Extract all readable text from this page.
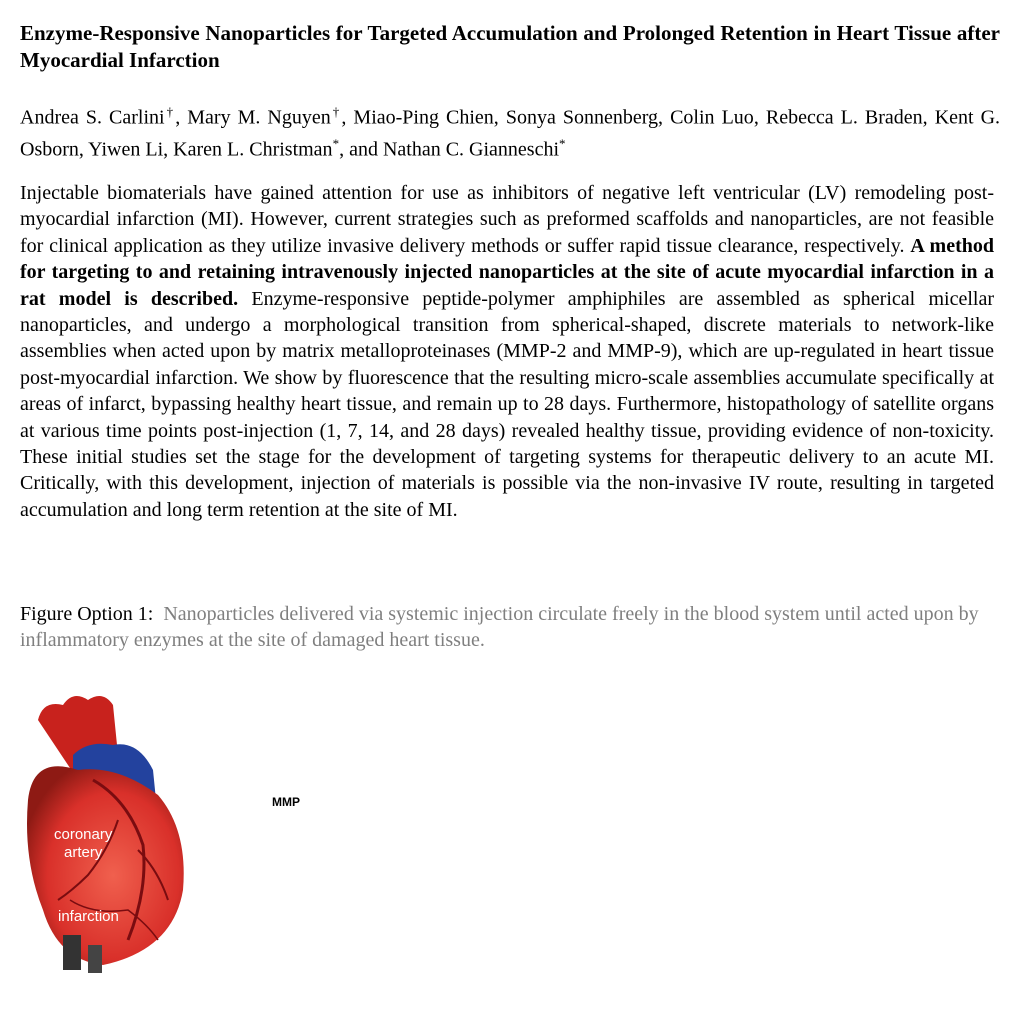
Enzyme-Responsive Nanoparticles for Targeted Accumulation and Prolonged Retention in Heart Tissue after Myocardial Infarction
Andrea S. Carlini†, Mary M. Nguyen†, Miao-Ping Chien, Sonya Sonnenberg, Colin Luo, Rebecca L. Braden, Kent G. Osborn, Yiwen Li, Karen L. Christman*, and Nathan C. Gianneschi*
Injectable biomaterials have gained attention for use as inhibitors of negative left ventricular (LV) remodeling post-myocardial infarction (MI). However, current strategies such as preformed scaffolds and nanoparticles, are not feasible for clinical application as they utilize invasive delivery methods or suffer rapid tissue clearance, respectively. A method for targeting to and retaining intravenously injected nanoparticles at the site of acute myocardial infarction in a rat model is described. Enzyme-responsive peptide-polymer amphiphiles are assembled as spherical micellar nanoparticles, and undergo a morphological transition from spherical-shaped, discrete materials to network-like assemblies when acted upon by matrix metalloproteinases (MMP-2 and MMP-9), which are up-regulated in heart tissue post-myocardial infarction. We show by fluorescence that the resulting micro-scale assemblies accumulate specifically at areas of infarct, bypassing healthy heart tissue, and remain up to 28 days. Furthermore, histopathology of satellite organs at various time points post-injection (1, 7, 14, and 28 days) revealed healthy tissue, providing evidence of non-toxicity. These initial studies set the stage for the development of targeting systems for therapeutic delivery to an acute MI. Critically, with this development, injection of materials is possible via the non-invasive IV route, resulting in targeted accumulation and long term retention at the site of MI.
Figure Option 1: Nanoparticles delivered via systemic injection circulate freely in the blood system until acted upon by inflammatory enzymes at the site of damaged heart tissue.
coronary
artery
infarction
MMP
